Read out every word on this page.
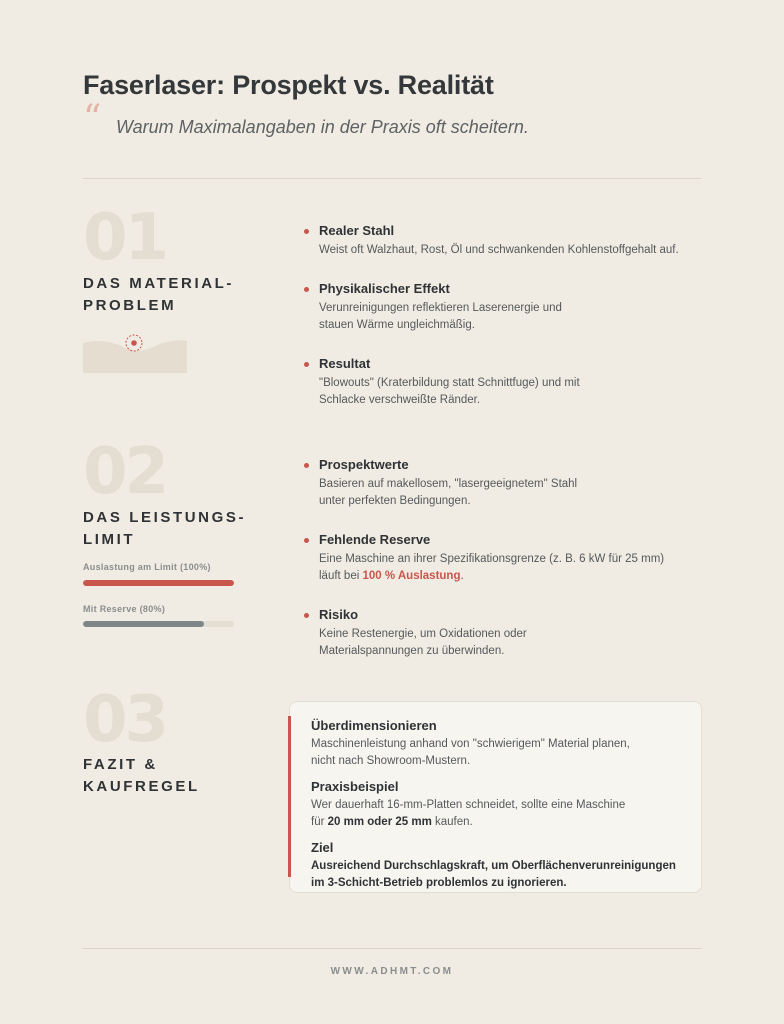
Faserlaser: Prospekt vs. Realität
“ Warum Maximalangaben in der Praxis oft scheitern.

01
DAS MATERIAL-
PROBLEM
Realer Stahl
Weist oft Walzhaut, Rost, Öl und schwankenden Kohlenstoffgehalt auf.
Physikalischer Effekt
Verunreinigungen reflektieren Laserenergie und
stauen Wärme ungleichmäßig.
Resultat
"Blowouts" (Kraterbildung statt Schnittfuge) und mit
Schlacke verschweißte Ränder.
02
DAS LEISTUNGS-
LIMIT
Auslastung am Limit (100%)
Mit Reserve (80%)
Prospektwerte
Basieren auf makellosem, "lasergeeignetem" Stahl
unter perfekten Bedingungen.
Fehlende Reserve
Eine Maschine an ihrer Spezifikationsgrenze (z. B. 6 kW für 25 mm)
läuft bei 100 % Auslastung.
Risiko
Keine Restenergie, um Oxidationen oder
Materialspannungen zu überwinden.
03
FAZIT &
KAUFREGEL
Überdimensionieren
Maschinenleistung anhand von "schwierigem" Material planen,
nicht nach Showroom-Mustern.
Praxisbeispiel
Wer dauerhaft 16-mm-Platten schneidet, sollte eine Maschine
für 20 mm oder 25 mm kaufen.
Ziel
Ausreichend Durchschlagskraft, um Oberflächenverunreinigungen
im 3-Schicht-Betrieb problemlos zu ignorieren.
WWW.ADHMT.COM
